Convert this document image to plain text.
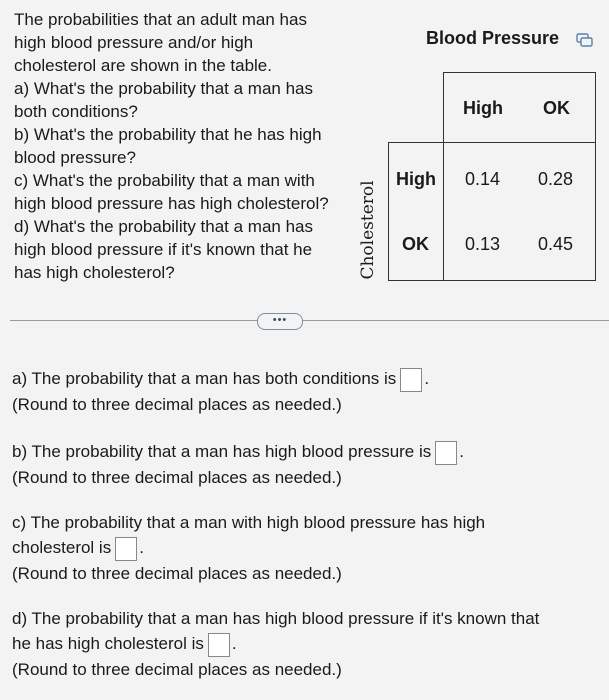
The probabilities that an adult man has
high blood pressure and/or high
cholesterol are shown in the table.
a) What's the probability that a man has
both conditions?
b) What's the probability that he has high
blood pressure?
c) What's the probability that a man with
high blood pressure has high cholesterol?
d) What's the probability that a man has
high blood pressure if it's known that he
has high cholesterol?
Blood Pressure
High OK
High 0.14 0.28
OK 0.13 0.45
Cholesterol
•••
a) The probability that a man has both conditions is .
(Round to three decimal places as needed.)
b) The probability that a man has high blood pressure is .
(Round to three decimal places as needed.)
c) The probability that a man with high blood pressure has high
cholesterol is .
(Round to three decimal places as needed.)
d) The probability that a man has high blood pressure if it's known that
he has high cholesterol is .
(Round to three decimal places as needed.)
